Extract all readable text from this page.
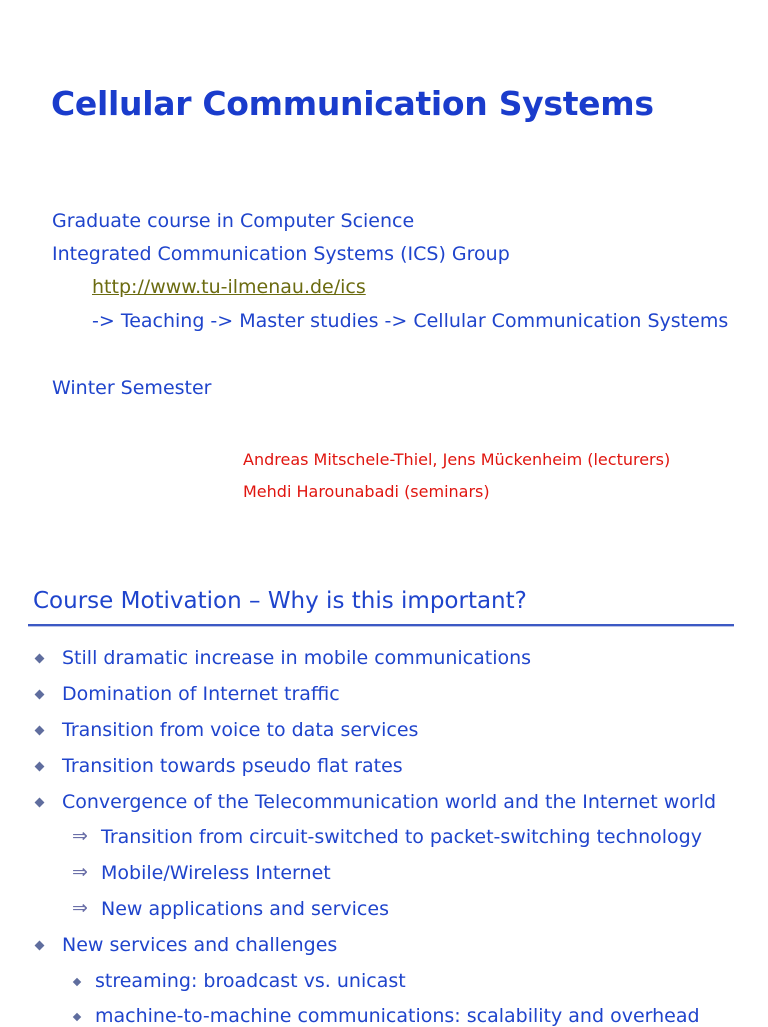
Cellular Communication Systems
Graduate course in Computer Science
Integrated Communication Systems (ICS) Group
http://www.tu-ilmenau.de/ics
-> Teaching -> Master studies -> Cellular Communication Systems
Winter Semester
Andreas Mitschele-Thiel, Jens Mückenheim (lecturers)
Mehdi Harounabadi (seminars)
Course Motivation – Why is this important?
Still dramatic increase in mobile communications
Domination of Internet traffic
Transition from voice to data services
Transition towards pseudo flat rates
Convergence of the Telecommunication world and the Internet world
⇒ Transition from circuit-switched to packet-switching technology
⇒ Mobile/Wireless Internet
⇒ New applications and services
New services and challenges
streaming: broadcast vs. unicast
machine-to-machine communications: scalability and overhead
